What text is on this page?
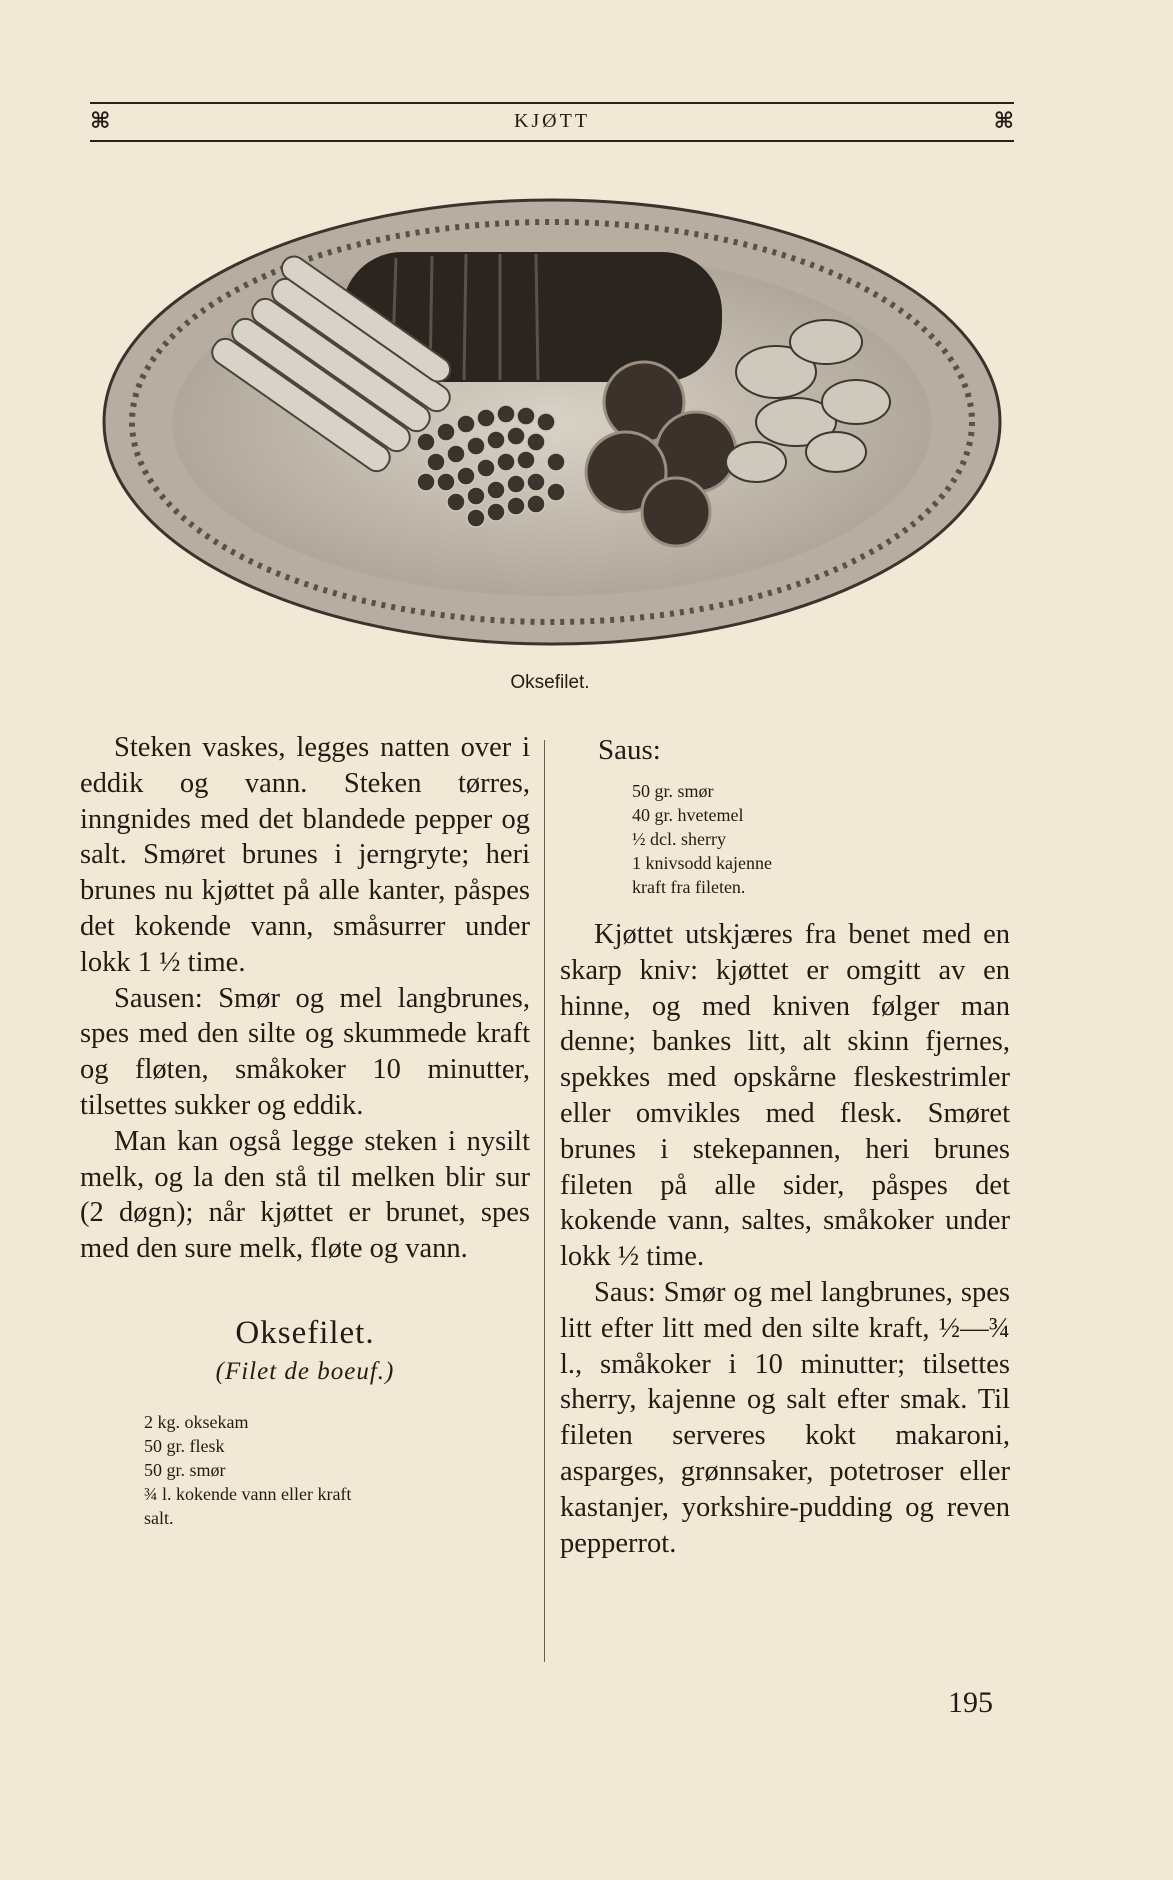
⌘	KJØTT	⌘
Oksefilet.

Steken vaskes, legges natten over i eddik og vann. Steken tørres, inngnides med det blandede pepper og salt. Smøret brunes i jerngryte; heri brunes nu kjøttet på alle kanter, påspes det kokende vann, småsurrer under lokk 1 ½ time.

Sausen: Smør og mel langbrunes, spes med den silte og skummede kraft og fløten, småkoker 10 minutter, tilsettes sukker og eddik.

Man kan også legge steken i nysilt melk, og la den stå til melken blir sur (2 døgn); når kjøttet er brunet, spes med den sure melk, fløte og vann.

Oksefilet.
(Filet de boeuf.)
2 kg. oksekam
50 gr. flesk
50 gr. smør
¾ l. kokende vann eller kraft
salt.
Saus:
50 gr. smør
40 gr. hvetemel
½ dcl. sherry
1 knivsodd kajenne
kraft fra fileten.

Kjøttet utskjæres fra benet med en skarp kniv: kjøttet er omgitt av en hinne, og med kniven følger man denne; bankes litt, alt skinn fjernes, spekkes med opskårne fleskestrimler eller omvikles med flesk. Smøret brunes i stekepannen, heri brunes fileten på alle sider, påspes det kokende vann, saltes, småkoker under lokk ½ time.

Saus: Smør og mel langbrunes, spes litt efter litt med den silte kraft, ½—¾ l., småkoker i 10 minutter; tilsettes sherry, kajenne og salt efter smak. Til fileten serveres kokt makaroni, asparges, grønnsaker, potetroser eller kastanjer, yorkshire-pudding og reven pepperrot.

195
